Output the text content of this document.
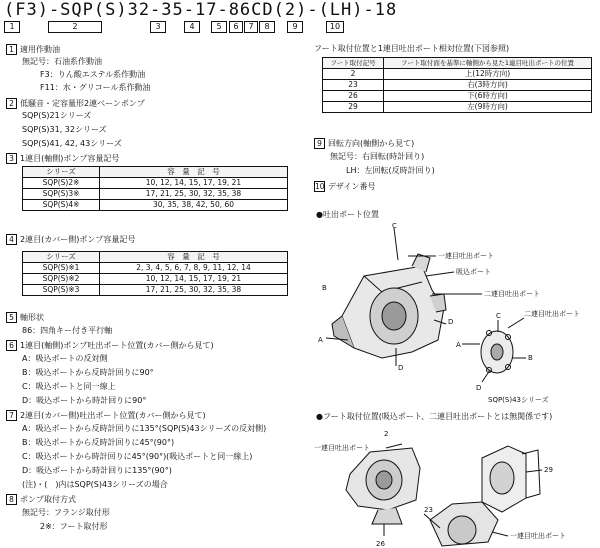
(F3)-SQP(S)32-35-17-86CD(2)-(LH)-18
1	2	3	4	5	6	7	8	9	10
1 適用作動油
無記号：石油系作動油
F3：りん酸エステル系作動油
F11：水・グリコール系作動油
2 低騒音・定容量形2連ベーンポンプ
SQP(S)21シリーズ
SQP(S)31, 32シリーズ
SQP(S)41, 42, 43シリーズ
3 1連目(軸側)ポンプ容量記号
シリーズ	容　量　記　号
SQP(S)2※	10, 12, 14, 15, 17, 19, 21
SQP(S)3※	17, 21, 25, 30, 32, 35, 38
SQP(S)4※	30, 35, 38, 42, 50, 60
4 2連目(カバー側)ポンプ容量記号
シリーズ	容　量　記　号
SQP(S)※1	2, 3, 4, 5, 6, 7, 8, 9, 11, 12, 14
SQP(S)※2	10, 12, 14, 15, 17, 19, 21
SQP(S)※3	17, 21, 25, 30, 32, 35, 38
5 軸形状
86：四角キー付き平行軸
6 1連目(軸側)ポンプ吐出ポート位置(カバー側から見て)
A：吸込ポートの反対側
B：吸込ポートから反時計回りに90°
C：吸込ポートと同一線上
D：吸込ポートから時計回りに90°
7 2連目(カバー側)吐出ポート位置(カバー側から見て)
A：吸込ポートから反時計回りに135°(SQP(S)43シリーズの反対側)
B：吸込ポートから反時計回りに45°(90°)
C：吸込ポートから時計回りに45°(90°)(吸込ポートと同一線上)
D：吸込ポートから時計回りに135°(90°)
(注)・(　)内はSQP(S)43シリーズの場合
8 ポンプ取付方式
無記号：フランジ取付形
2※：フート取付形
フート取付位置と1連目吐出ポート相対位置(下図参照)
フート取付記号	フート取付面を基準に軸側から見た1連目吐出ポートの位置
2	上(12時方向)
23	右(3時方向)
26	下(6時方向)
29	左(9時方向)
9 回転方向(軸側から見て)
無記号：右回転(時計回り)
LH：左回転(反時計回り)
10 デザイン番号
●吐出ポート位置
C
一連目吐出ポート
吸込ポート
B
二連目吐出ポート
A
D
D
C	二連目吐出ポート
A
B
D
SQP(S)43シリーズ
●フート取付位置(吸込ポート、二連目吐出ポートとは無関係です)
2
一連目吐出ポート
26
23
一連目吐出ポート
29
